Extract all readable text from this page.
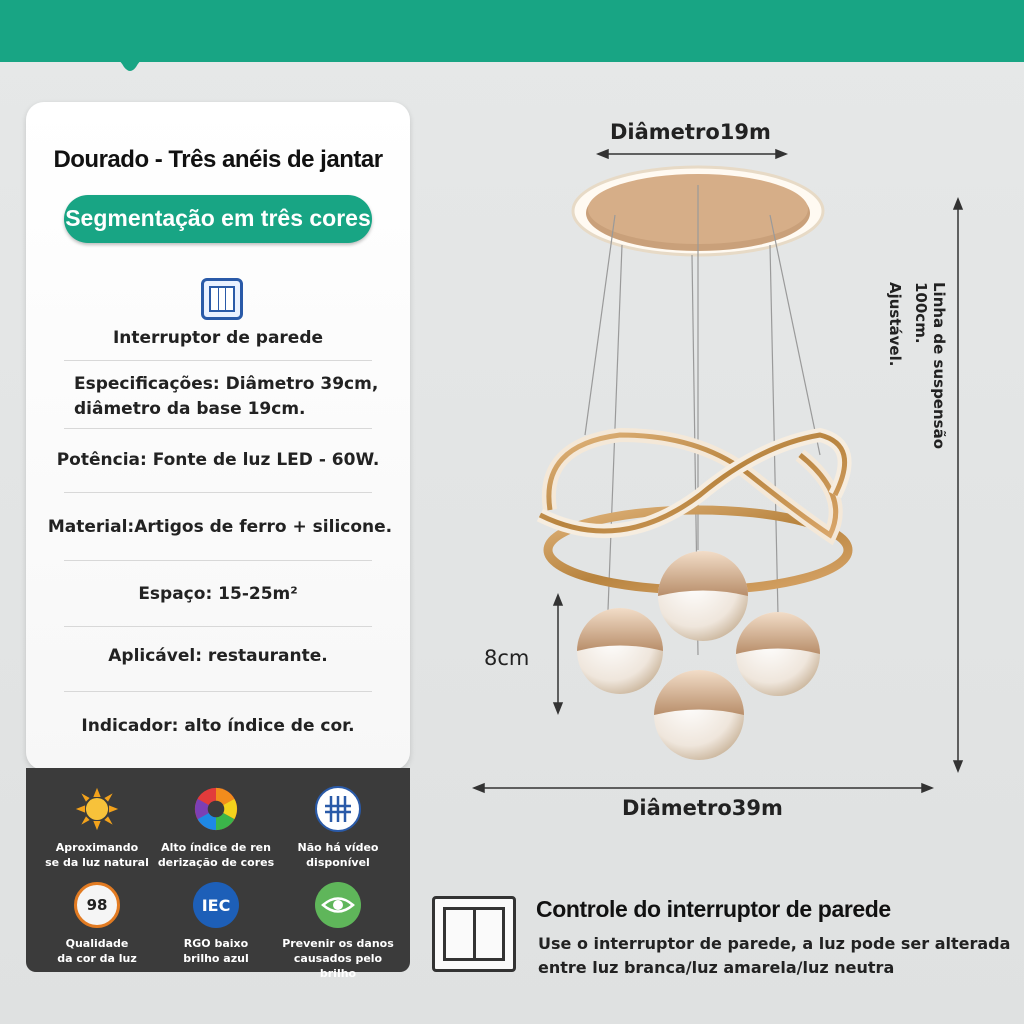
Dourado - Três anéis de jantar
Segmentação em três cores
Interruptor de parede
Especificações: Diâmetro 39cm,
diâmetro da base 19cm.
Potência: Fonte de luz LED - 60W.
Material:Artigos de ferro + silicone.
Espaço: 15-25m²
Aplicável: restaurante.
Indicador: alto índice de cor.
Aproximando
se da luz natural
Alto índice de ren
derização de cores
Não há vídeo
disponível
98
Qualidade
da cor da luz
IEC
RGO baixo
brilho azul
Prevenir os danos
causados pelo brilho
Diâmetro19m
Diâmetro39m
8cm
Linha de suspensão 100cm.
Ajustável.
Controle do interruptor de parede
Use o interruptor de parede, a luz pode ser alterada
entre luz branca/luz amarela/luz neutra
